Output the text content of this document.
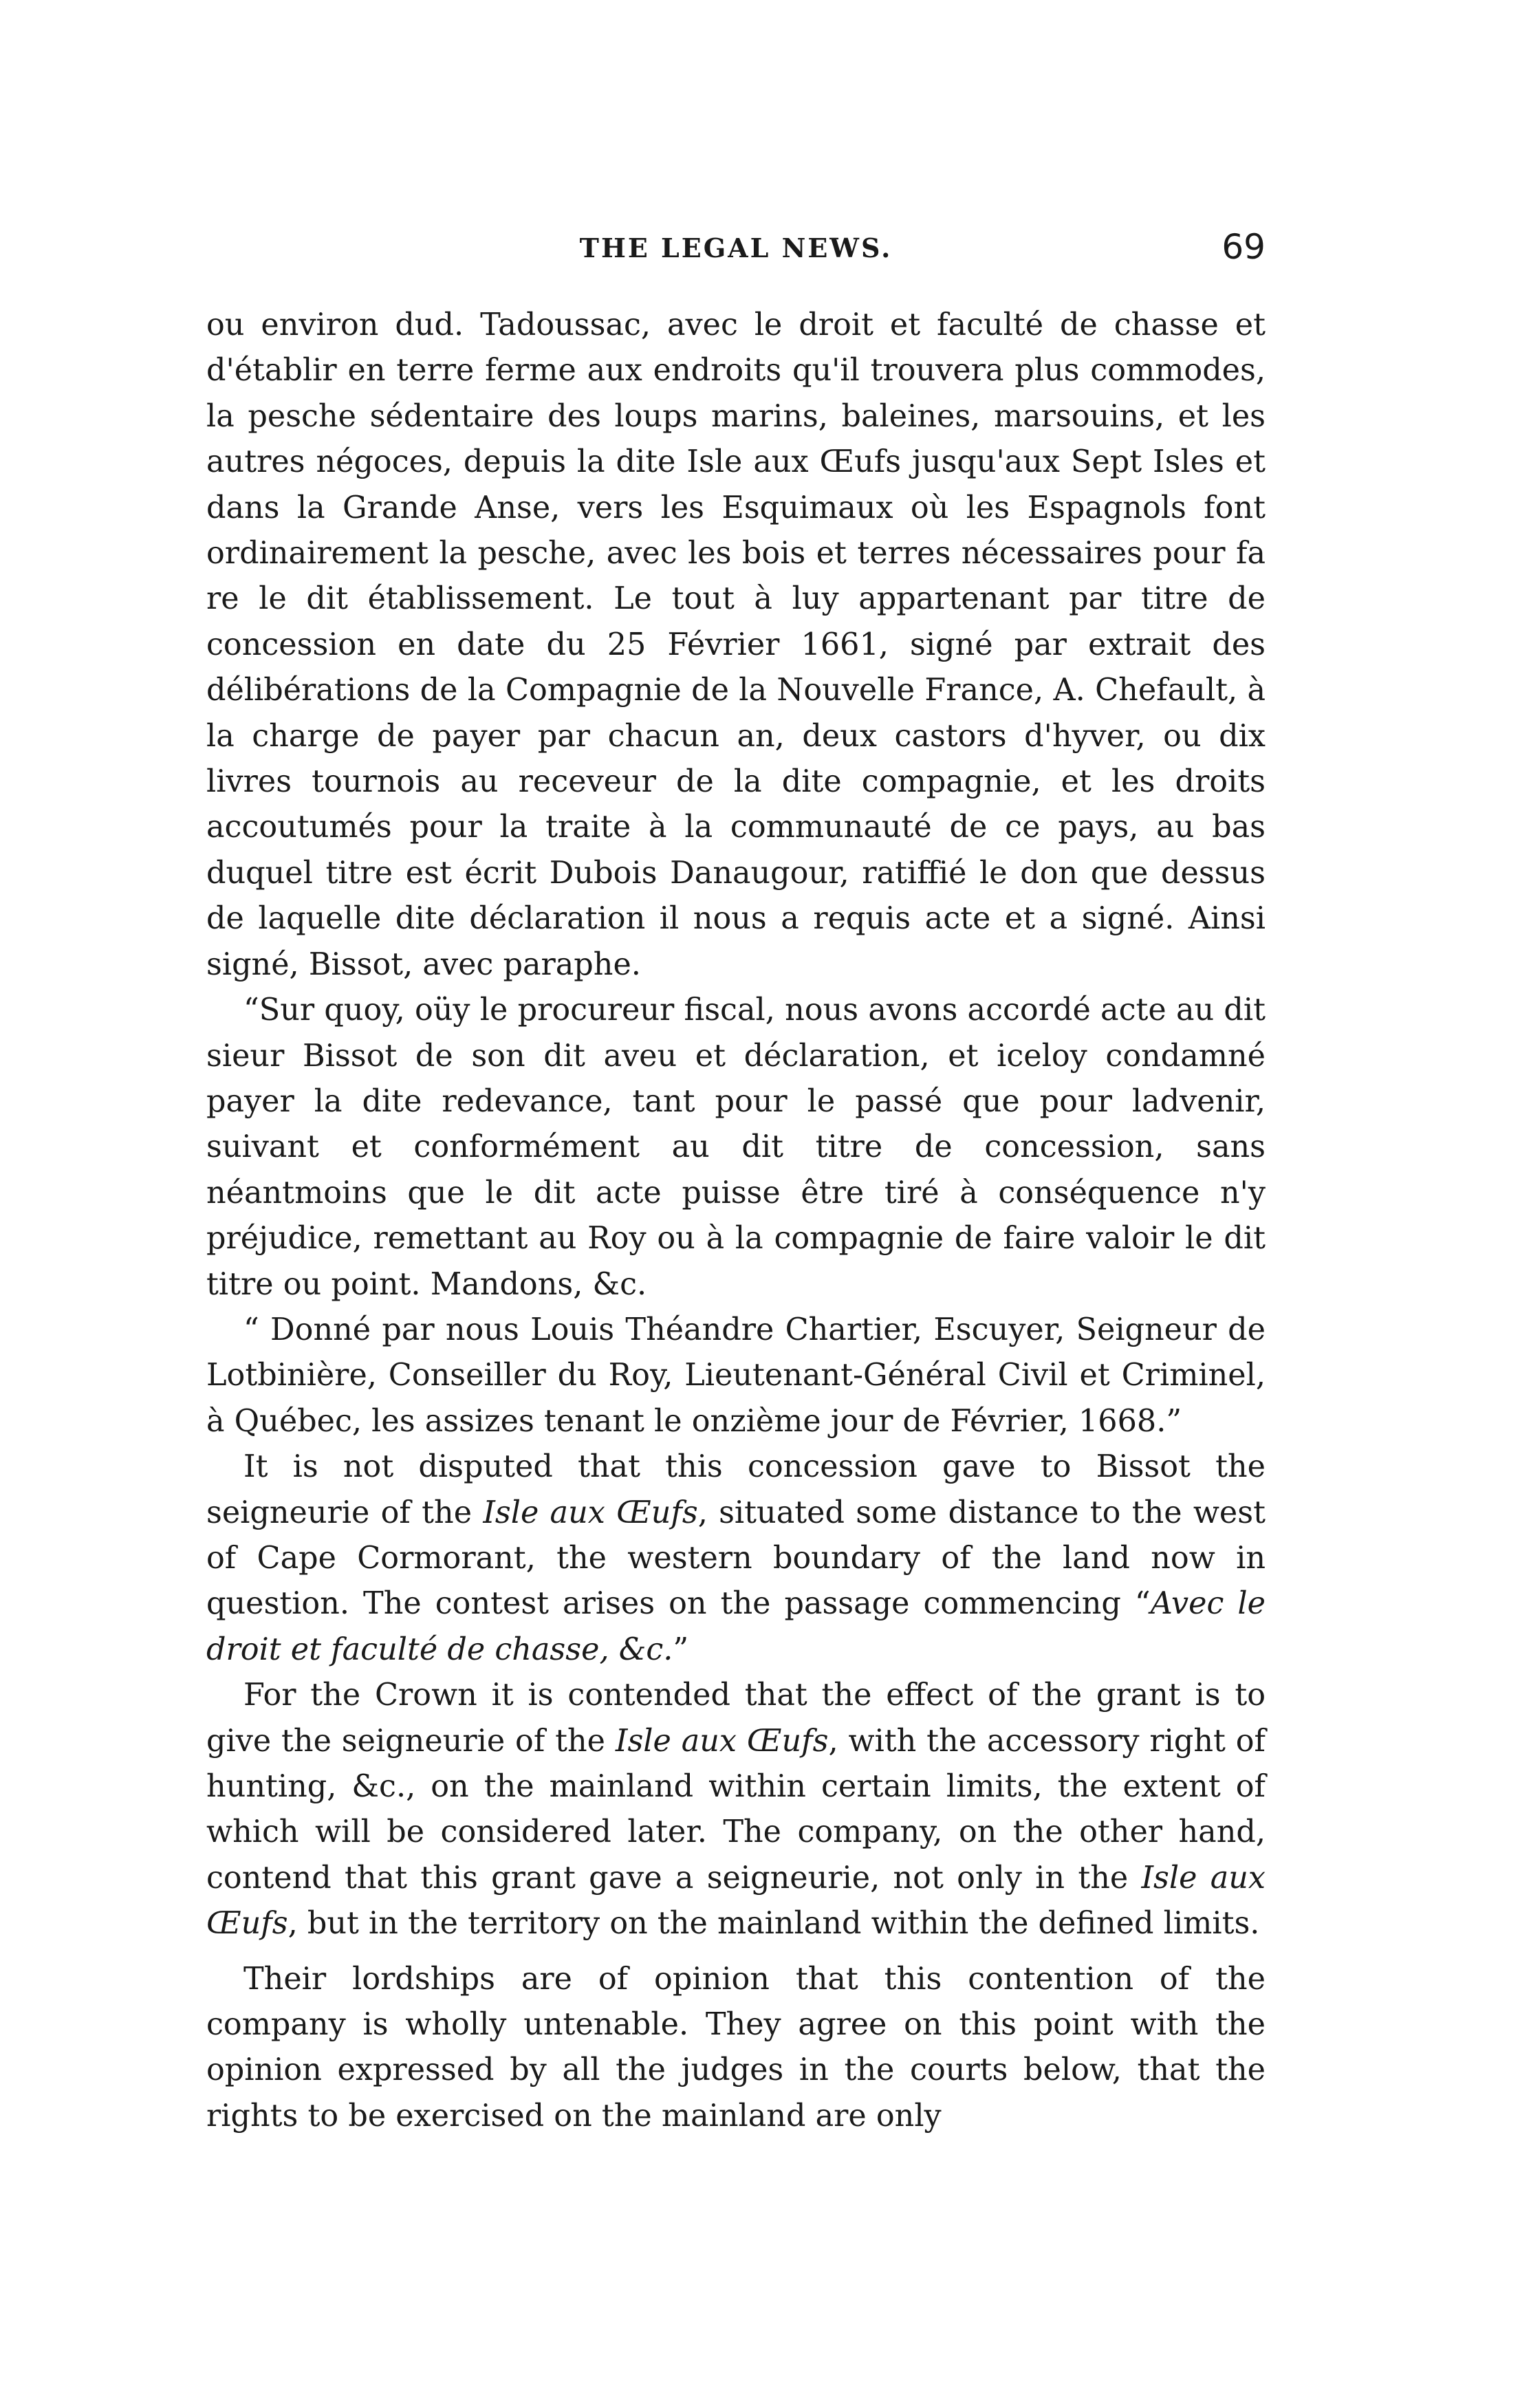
THE LEGAL NEWS.	69

ou environ dud. Tadoussac, avec le droit et faculté de chasse et d'établir en terre ferme aux endroits qu'il trouvera plus commodes, la pesche sédentaire des loups marins, baleines, marsouins, et les autres négoces, depuis la dite Isle aux Œufs jusqu'aux Sept Isles et dans la Grande Anse, vers les Esquimaux où les Espagnols font ordinairement la pesche, avec les bois et terres nécessaires pour fa re le dit établissement. Le tout à luy appartenant par titre de concession en date du 25 Février 1661, signé par extrait des délibérations de la Compagnie de la Nouvelle France, A. Chefault, à la charge de payer par chacun an, deux castors d'hyver, ou dix livres tournois au receveur de la dite compagnie, et les droits accoutumés pour la traite à la communauté de ce pays, au bas duquel titre est écrit Dubois Danaugour, ratiffié le don que dessus de laquelle dite déclaration il nous a requis acte et a signé. Ainsi signé, Bissot, avec paraphe.

“Sur quoy, oüy le procureur fiscal, nous avons accordé acte au dit sieur Bissot de son dit aveu et déclaration, et iceloy condamné payer la dite redevance, tant pour le passé que pour ladvenir, suivant et conformément au dit titre de concession, sans néantmoins que le dit acte puisse être tiré à conséquence n'y préjudice, remettant au Roy ou à la compagnie de faire valoir le dit titre ou point. Mandons, &c.

“ Donné par nous Louis Théandre Chartier, Escuyer, Seigneur de Lotbinière, Conseiller du Roy, Lieutenant-Général Civil et Criminel, à Québec, les assizes tenant le onzième jour de Février, 1668.”

It is not disputed that this concession gave to Bissot the seigneurie of the Isle aux Œufs, situated some distance to the west of Cape Cormorant, the western boundary of the land now in question. The contest arises on the passage commencing “Avec le droit et faculté de chasse, &c.”

For the Crown it is contended that the effect of the grant is to give the seigneurie of the Isle aux Œufs, with the accessory right of hunting, &c., on the mainland within certain limits, the extent of which will be considered later. The company, on the other hand, contend that this grant gave a seigneurie, not only in the Isle aux Œufs, but in the territory on the mainland within the defined limits.

Their lordships are of opinion that this contention of the company is wholly untenable. They agree on this point with the opinion expressed by all the judges in the courts below, that the rights to be exercised on the mainland are only
